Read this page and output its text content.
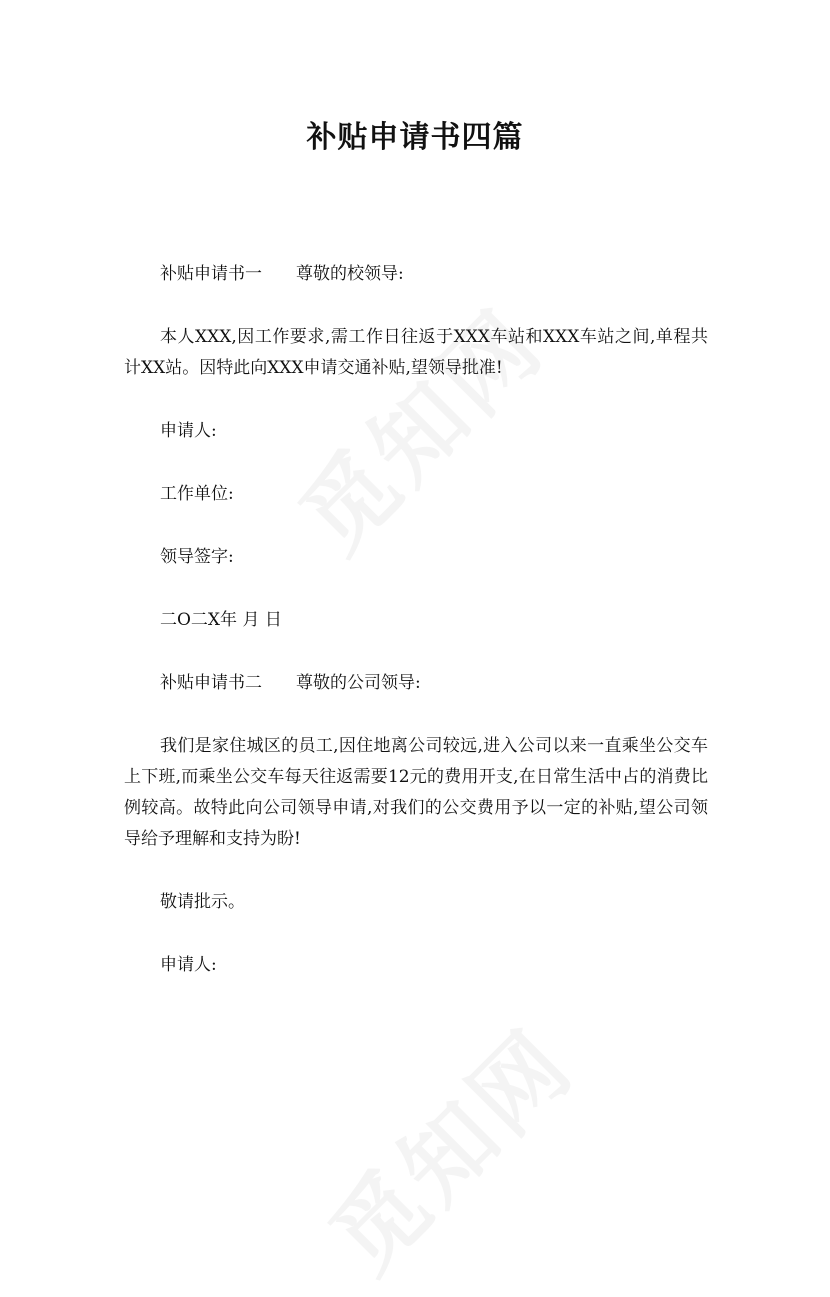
补贴申请书四篇

补贴申请书一 尊敬的校领导:

本人XXX,因工作要求,需工作日往返于XXX车站和XXX车站之间,单程共计XX站。因特此向XXX申请交通补贴,望领导批准!

申请人:

工作单位:

领导签字:

二O二X年 月 日

补贴申请书二 尊敬的公司领导:

我们是家住城区的员工,因住地离公司较远,进入公司以来一直乘坐公交车上下班,而乘坐公交车每天往返需要12元的费用开支,在日常生活中占的消费比例较高。故特此向公司领导申请,对我们的公交费用予以一定的补贴,望公司领导给予理解和支持为盼!

敬请批示。

申请人:
